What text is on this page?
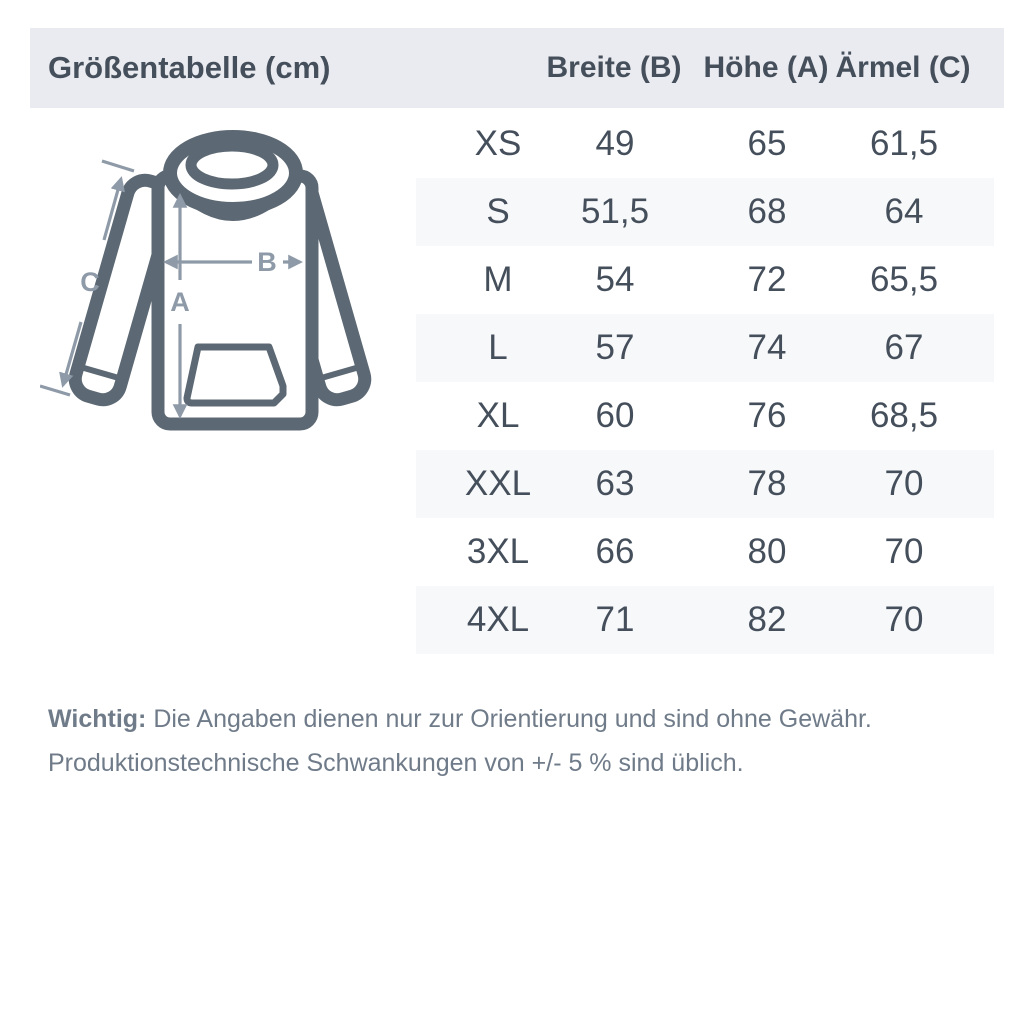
Größentabelle (cm)	Breite (B) Höhe (A) Ärmel (C)
A
B
C
XS	49	65	61,5
S	51,5	68	64
M	54	72	65,5
L	57	74	67
XL	60	76	68,5
XXL	63	78	70
3XL	66	80	70
4XL	71	82	70

Wichtig: Die Angaben dienen nur zur Orientierung und sind ohne Gewähr.
Produktionstechnische Schwankungen von +/- 5 % sind üblich.
